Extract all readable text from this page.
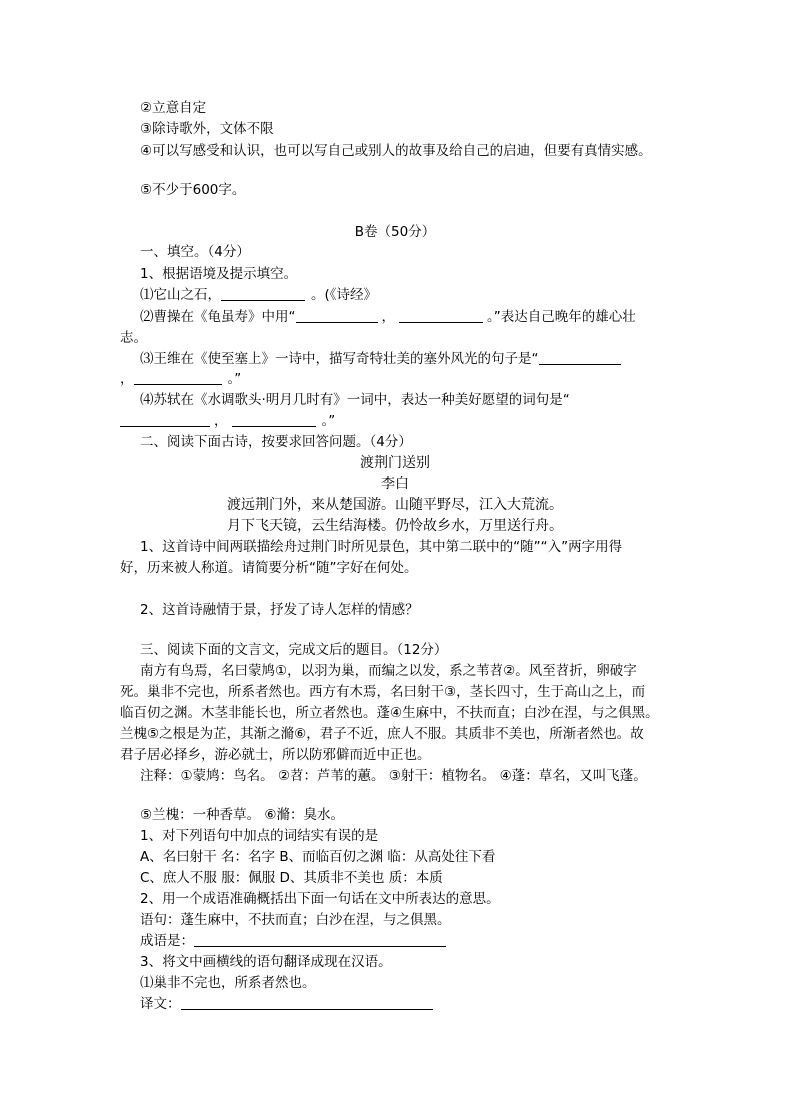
②立意自定
③除诗歌外，文体不限
④可以写感受和认识，也可以写自己或别人的故事及给自己的启迪，但要有真情实感。
⑤不少于600字。
B卷（50分）
一、填空。（4分）
1、根据语境及提示填空。
⑴它山之石，	。(《诗经》
⑵曹操在《龟虽寿》中用“	，	。”表达自己晚年的雄心壮
志。
⑶王维在《使至塞上》一诗中，描写奇特壮美的塞外风光的句子是“
，	。”
⑷苏轼在《水调歌头·明月几时有》一词中，表达一种美好愿望的词句是“
，	。”
二、阅读下面古诗，按要求回答问题。（4分）
渡荆门送别
李白
渡远荆门外，来从楚国游。山随平野尽，江入大荒流。
月下飞天镜，云生结海楼。仍怜故乡水，万里送行舟。
1、这首诗中间两联描绘舟过荆门时所见景色，其中第二联中的“随”“入”两字用得
好，历来被人称道。请简要分析“随”字好在何处。
2、这首诗融情于景，抒发了诗人怎样的情感？
三、阅读下面的文言文，完成文后的题目。（12分）
南方有鸟焉，名曰蒙鸠①，以羽为巢，而编之以发，系之苇苕②。风至苕折，卵破字
死。巢非不完也，所系者然也。西方有木焉，名曰射干③，茎长四寸，生于高山之上，而
临百仞之渊。木茎非能长也，所立者然也。蓬④生麻中，不扶而直；白沙在涅，与之俱黑。
兰槐⑤之根是为芷，其渐之滫⑥，君子不近，庶人不服。其质非不美也，所渐者然也。故
君子居必择乡，游必就士，所以防邪僻而近中正也。
注释：①蒙鸠：鸟名。 ②苕：芦苇的蕙。 ③射干：植物名。 ④蓬：草名，又叫飞蓬。
⑤兰槐：一种香草。 ⑥滫：臭水。
1、对下列语句中加点的词结实有误的是
A、名曰射干 名：名字 B、而临百仞之渊 临：从高处往下看
C、庶人不服 服：佩服 D、其质非不美也 质：本质
2、用一个成语准确概括出下面一句话在文中所表达的意思。
语句：蓬生麻中，不扶而直；白沙在涅，与之俱黑。
成语是：
3、将文中画横线的语句翻译成现在汉语。
⑴巢非不完也，所系者然也。
译文：
